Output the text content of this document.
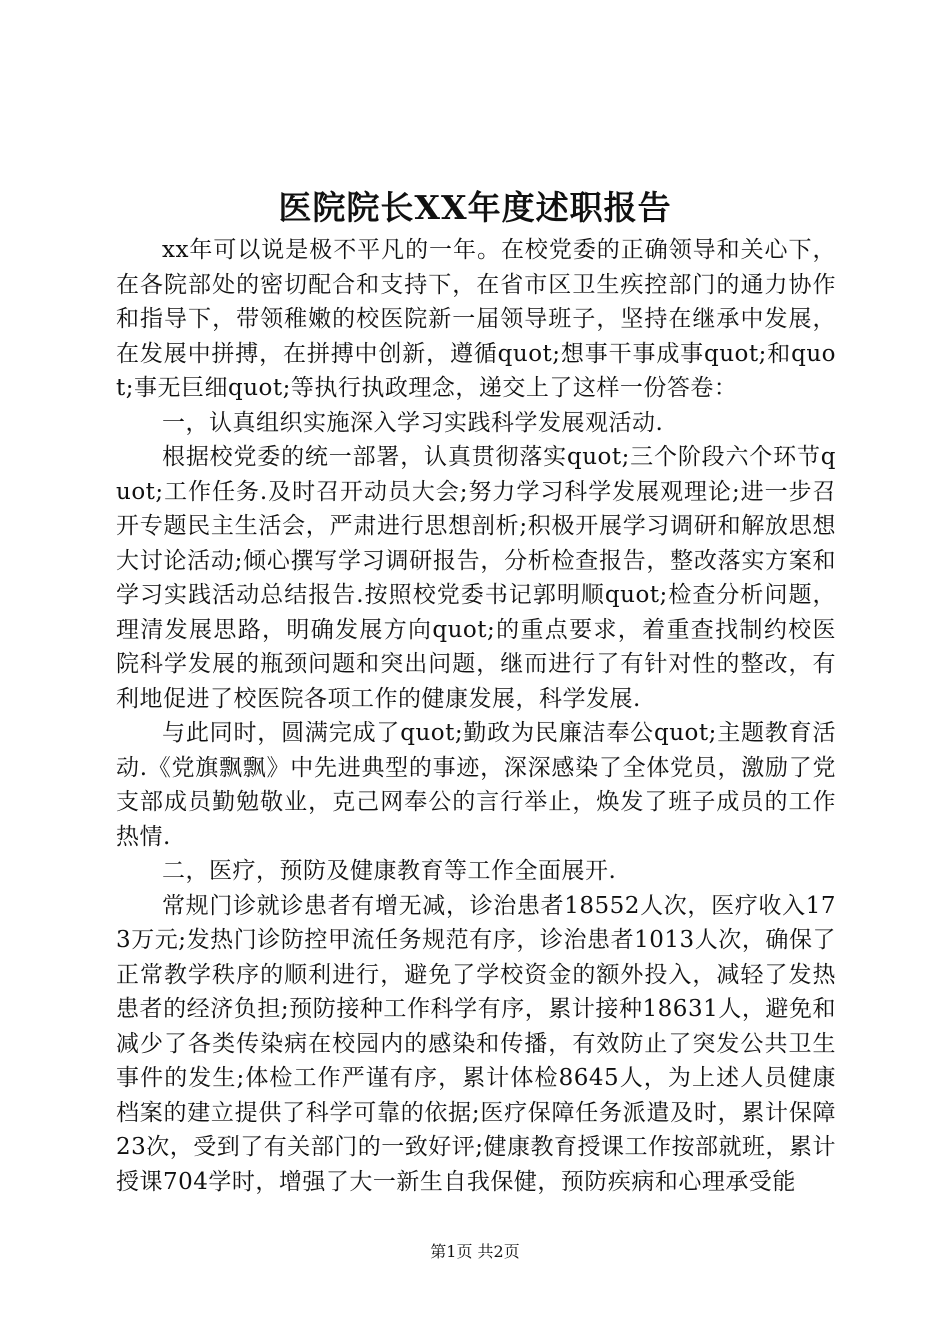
医院院长XX年度述职报告

xx年可以说是极不平凡的一年。在校党委的正确领导和关心下，在各院部处的密切配合和支持下，在省市区卫生疾控部门的通力协作和指导下，带领稚嫩的校医院新一届领导班子，坚持在继承中发展，在发展中拼搏，在拼搏中创新，遵循quot;想事干事成事quot;和quot;事无巨细quot;等执行执政理念，递交上了这样一份答卷：

一，认真组织实施深入学习实践科学发展观活动.

根据校党委的统一部署，认真贯彻落实quot;三个阶段六个环节quot;工作任务.及时召开动员大会;努力学习科学发展观理论;进一步召开专题民主生活会，严肃进行思想剖析;积极开展学习调研和解放思想大讨论活动;倾心撰写学习调研报告，分析检查报告，整改落实方案和学习实践活动总结报告.按照校党委书记郭明顺quot;检查分析问题，理清发展思路，明确发展方向quot;的重点要求，着重查找制约校医院科学发展的瓶颈问题和突出问题，继而进行了有针对性的整改，有利地促进了校医院各项工作的健康发展，科学发展.

与此同时，圆满完成了quot;勤政为民廉洁奉公quot;主题教育活动.《党旗飘飘》中先进典型的事迹，深深感染了全体党员，激励了党支部成员勤勉敬业，克己网奉公的言行举止，焕发了班子成员的工作热情.

二，医疗，预防及健康教育等工作全面展开.

常规门诊就诊患者有增无减，诊治患者18552人次，医疗收入173万元;发热门诊防控甲流任务规范有序，诊治患者1013人次，确保了正常教学秩序的顺利进行，避免了学校资金的额外投入，减轻了发热患者的经济负担;预防接种工作科学有序，累计接种18631人，避免和减少了各类传染病在校园内的感染和传播，有效防止了突发公共卫生事件的发生;体检工作严谨有序，累计体检8645人，为上述人员健康档案的建立提供了科学可靠的依据;医疗保障任务派遣及时，累计保障23次，受到了有关部门的一致好评;健康教育授课工作按部就班，累计授课704学时，增强了大一新生自我保健，预防疾病和心理承受能

第1页 共2页
